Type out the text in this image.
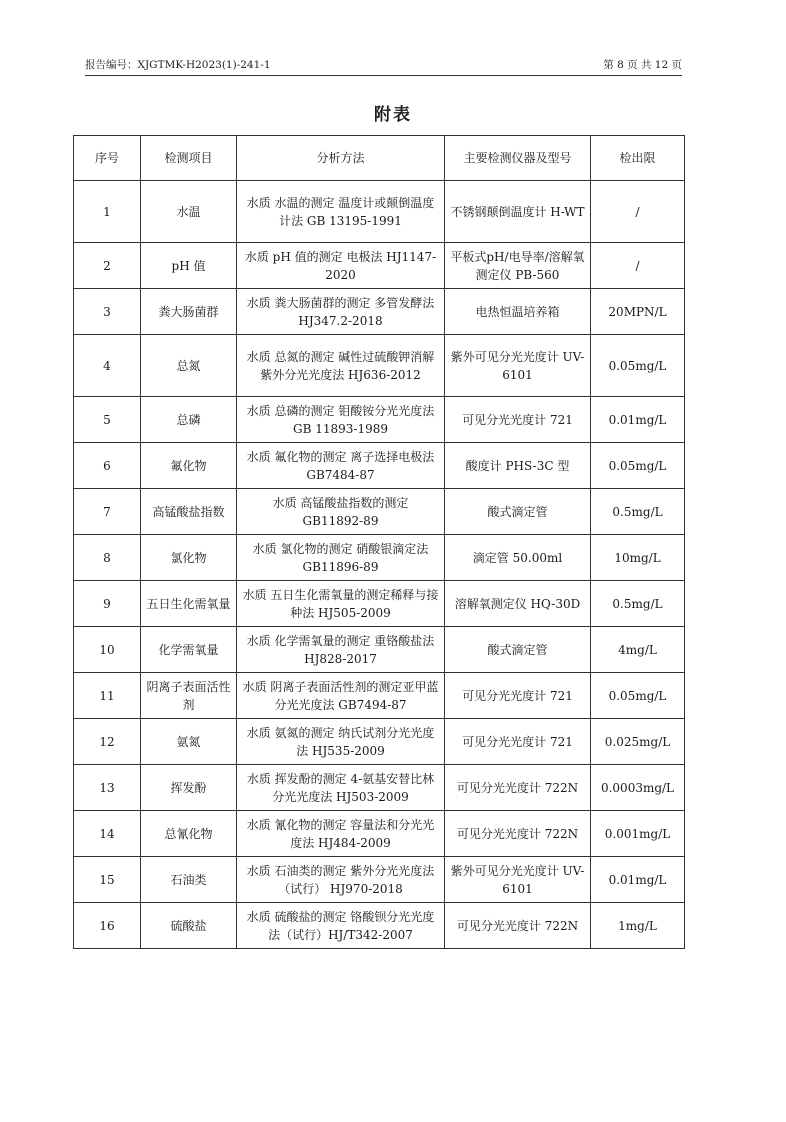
报告编号：XJGTMK-H2023(1)-241-1	第 8 页 共 12 页
附表
序号	检测项目	分析方法	主要检测仪器及型号	检出限
1	水温	水质 水温的测定 温度计或颠倒温度计法 GB 13195-1991	不锈钢颠倒温度计 H-WT	/
2	pH 值	水质 pH 值的测定 电极法 HJ1147-2020	平板式pH/电导率/溶解氧测定仪 PB-560	/
3	粪大肠菌群	水质 粪大肠菌群的测定 多管发酵法 HJ347.2-2018	电热恒温培养箱	20MPN/L
4	总氮	水质 总氮的测定 碱性过硫酸钾消解紫外分光光度法 HJ636-2012	紫外可见分光光度计 UV-6101	0.05mg/L
5	总磷	水质 总磷的测定 钼酸铵分光光度法 GB 11893-1989	可见分光光度计 721	0.01mg/L
6	氟化物	水质 氟化物的测定 离子选择电极法 GB7484-87	酸度计 PHS-3C 型	0.05mg/L
7	高锰酸盐指数	水质 高锰酸盐指数的测定 GB11892-89	酸式滴定管	0.5mg/L
8	氯化物	水质 氯化物的测定 硝酸银滴定法 GB11896-89	滴定管 50.00ml	10mg/L
9	五日生化需氧量	水质 五日生化需氧量的测定稀释与接种法 HJ505-2009	溶解氧测定仪 HQ-30D	0.5mg/L
10	化学需氧量	水质 化学需氧量的测定 重铬酸盐法 HJ828-2017	酸式滴定管	4mg/L
11	阴离子表面活性剂	水质 阴离子表面活性剂的测定亚甲蓝分光光度法 GB7494-87	可见分光光度计 721	0.05mg/L
12	氨氮	水质 氨氮的测定 纳氏试剂分光光度法 HJ535-2009	可见分光光度计 721	0.025mg/L
13	挥发酚	水质 挥发酚的测定 4-氨基安替比林分光光度法 HJ503-2009	可见分光光度计 722N	0.0003mg/L
14	总氰化物	水质 氰化物的测定 容量法和分光光度法 HJ484-2009	可见分光光度计 722N	0.001mg/L
15	石油类	水质 石油类的测定 紫外分光光度法（试行） HJ970-2018	紫外可见分光光度计 UV-6101	0.01mg/L
16	硫酸盐	水质 硫酸盐的测定 铬酸钡分光光度法（试行）HJ/T342-2007	可见分光光度计 722N	1mg/L
